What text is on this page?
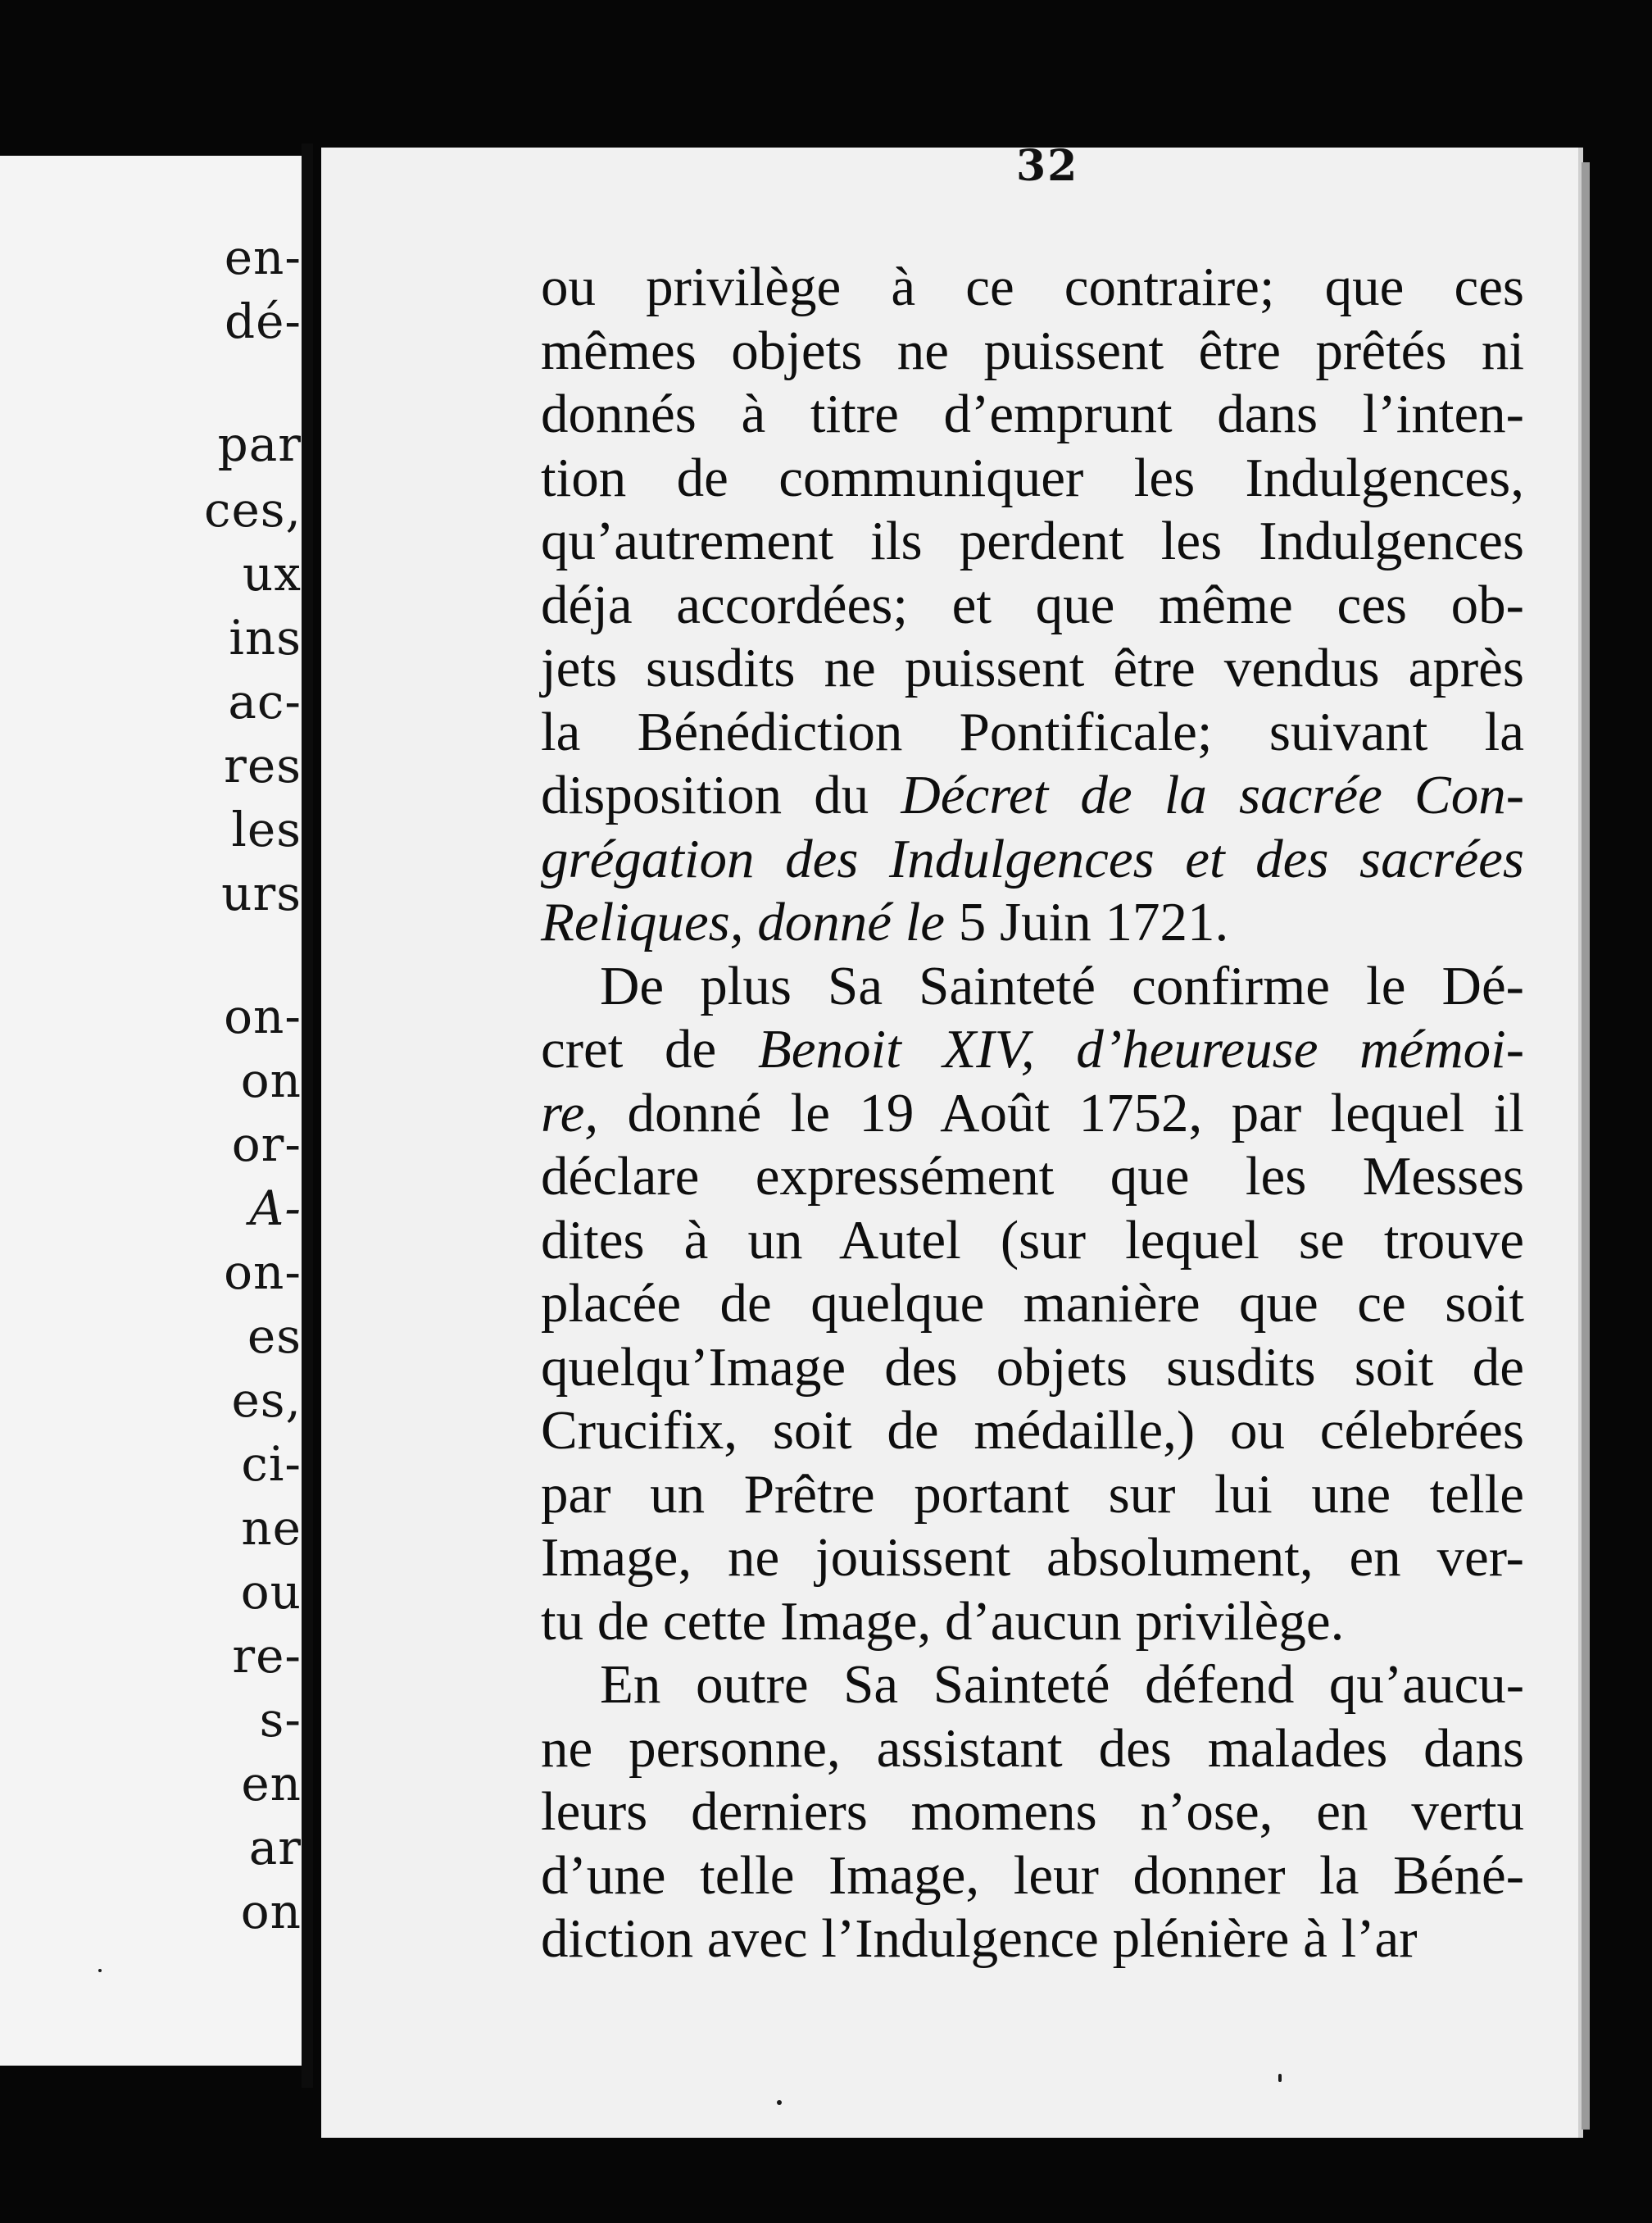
en-
dé-
par
ces,
ux
ins
ac-
res
les
urs
on-
on
or-
A-
on-
es
es,
ci-
ne
ou
re-
s-
en
ar
on
32
ou privilège à ce contraire; que ces
mêmes objets ne puissent être prêtés ni
donnés à titre d’emprunt dans l’inten-
tion de communiquer les Indulgences,
qu’autrement ils perdent les Indulgences
déja accordées; et que même ces ob-
jets susdits ne puissent être vendus après
la Bénédiction Pontificale; suivant la
disposition du Décret de la sacrée Con-
grégation des Indulgences et des sacrées
Reliques, donné le 5 Juin 1721.
De plus Sa Sainteté confirme le Dé-
cret de Benoit XIV, d’heureuse mémoi-
re, donné le 19 Août 1752, par lequel il
déclare expressément que les Messes
dites à un Autel (sur lequel se trouve
placée de quelque manière que ce soit
quelqu’Image des objets susdits soit de
Crucifix, soit de médaille,) ou célebrées
par un Prêtre portant sur lui une telle
Image, ne jouissent absolument, en ver-
tu de cette Image, d’aucun privilège.
En outre Sa Sainteté défend qu’aucu-
ne personne, assistant des malades dans
leurs derniers momens n’ose, en vertu
d’une telle Image, leur donner la Béné-
diction avec l’Indulgence plénière à l’ar
